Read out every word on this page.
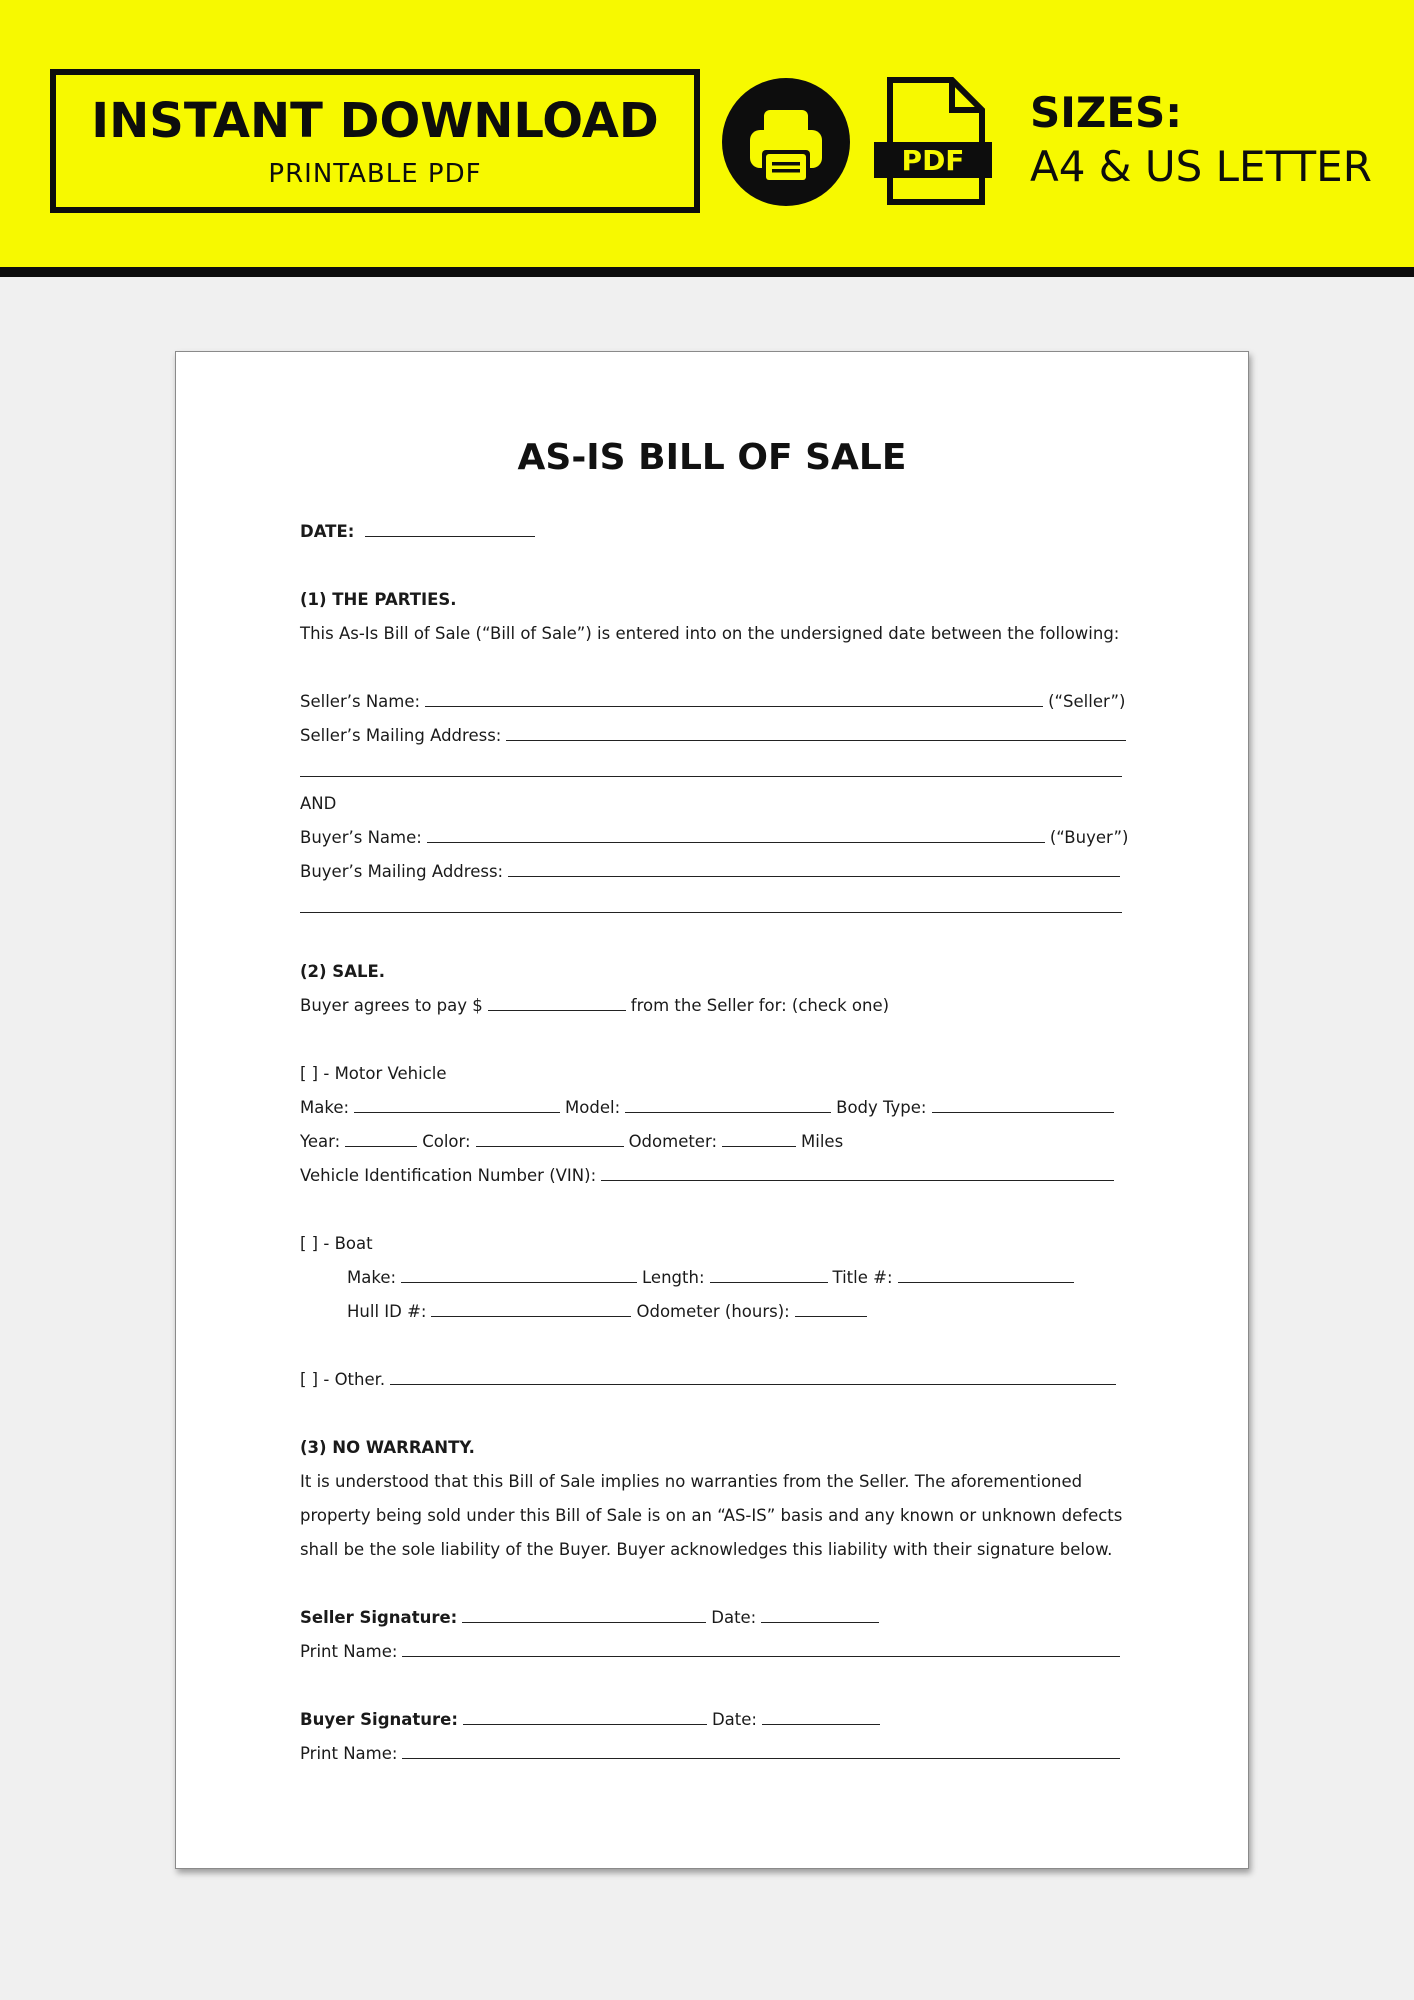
INSTANT DOWNLOAD
PRINTABLE PDF	PDF
SIZES:
A4 & US LETTER
AS-IS BILL OF SALE
DATE:
(1) THE PARTIES.
This As-Is Bill of Sale (“Bill of Sale”) is entered into on the undersigned date between the following:
Seller’s Name:	(“Seller”)
Seller’s Mailing Address:
AND
Buyer’s Name:	(“Buyer”)
Buyer’s Mailing Address:
(2) SALE.
Buyer agrees to pay $	from the Seller for: (check one)
[ ] - Motor Vehicle
Make:	Model:	Body Type:
Year:	Color:	Odometer:	Miles
Vehicle Identification Number (VIN):
[ ] - Boat
Make:	Length:	Title #:
Hull ID #:	Odometer (hours):
[ ] - Other.
(3) NO WARRANTY.
It is understood that this Bill of Sale implies no warranties from the Seller. The aforementioned
property being sold under this Bill of Sale is on an “AS-IS” basis and any known or unknown defects
shall be the sole liability of the Buyer. Buyer acknowledges this liability with their signature below.
Seller Signature:	Date:
Print Name:
Buyer Signature:	Date:
Print Name:
